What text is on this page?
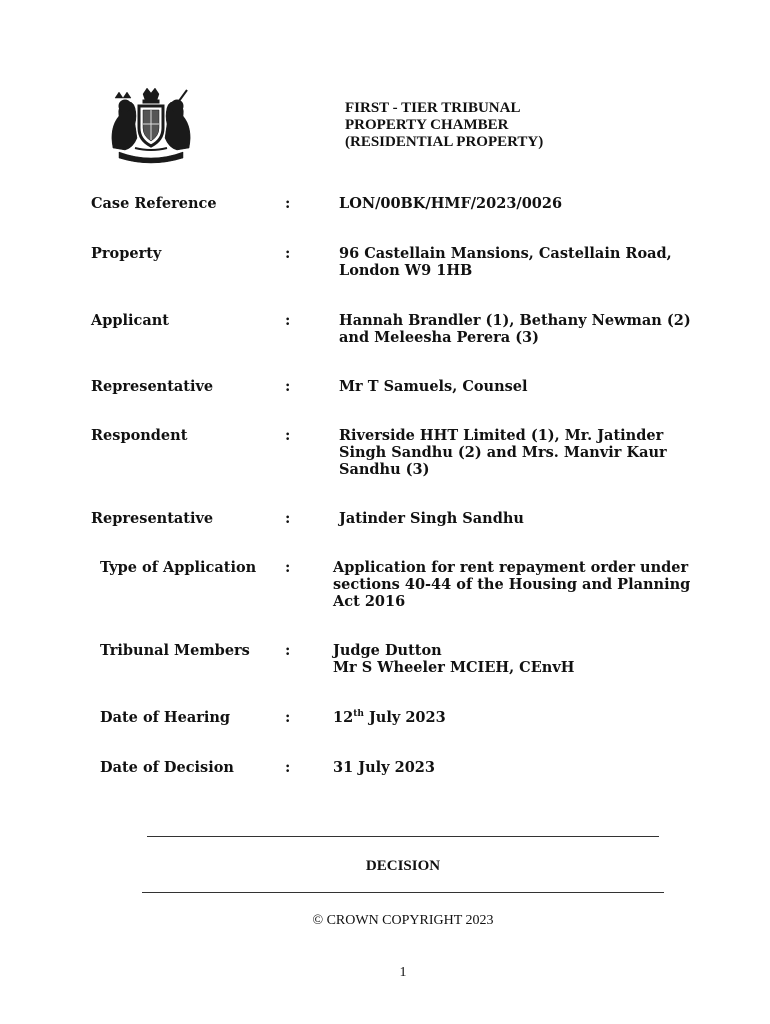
FIRST - TIER TRIBUNAL
PROPERTY CHAMBER
(RESIDENTIAL PROPERTY)
Case Reference	:	LON/00BK/HMF/2023/0026
Property	:	96 Castellain Mansions, Castellain Road,
London W9 1HB
Applicant	:	Hannah Brandler (1), Bethany Newman (2)
and Meleesha Perera (3)
Representative	:	Mr T Samuels, Counsel
Respondent	:	Riverside HHT Limited (1), Mr. Jatinder
Singh Sandhu (2) and Mrs. Manvir Kaur
Sandhu (3)
Representative	:	Jatinder Singh Sandhu
Type of Application :	Application for rent repayment order under
sections 40-44 of the Housing and Planning
Act 2016
Tribunal Members :	Judge Dutton
Mr S Wheeler MCIEH, CEnvH
Date of Hearing	:	12th July 2023
Date of Decision	:	31 July 2023
DECISION
© CROWN COPYRIGHT 2023
1
